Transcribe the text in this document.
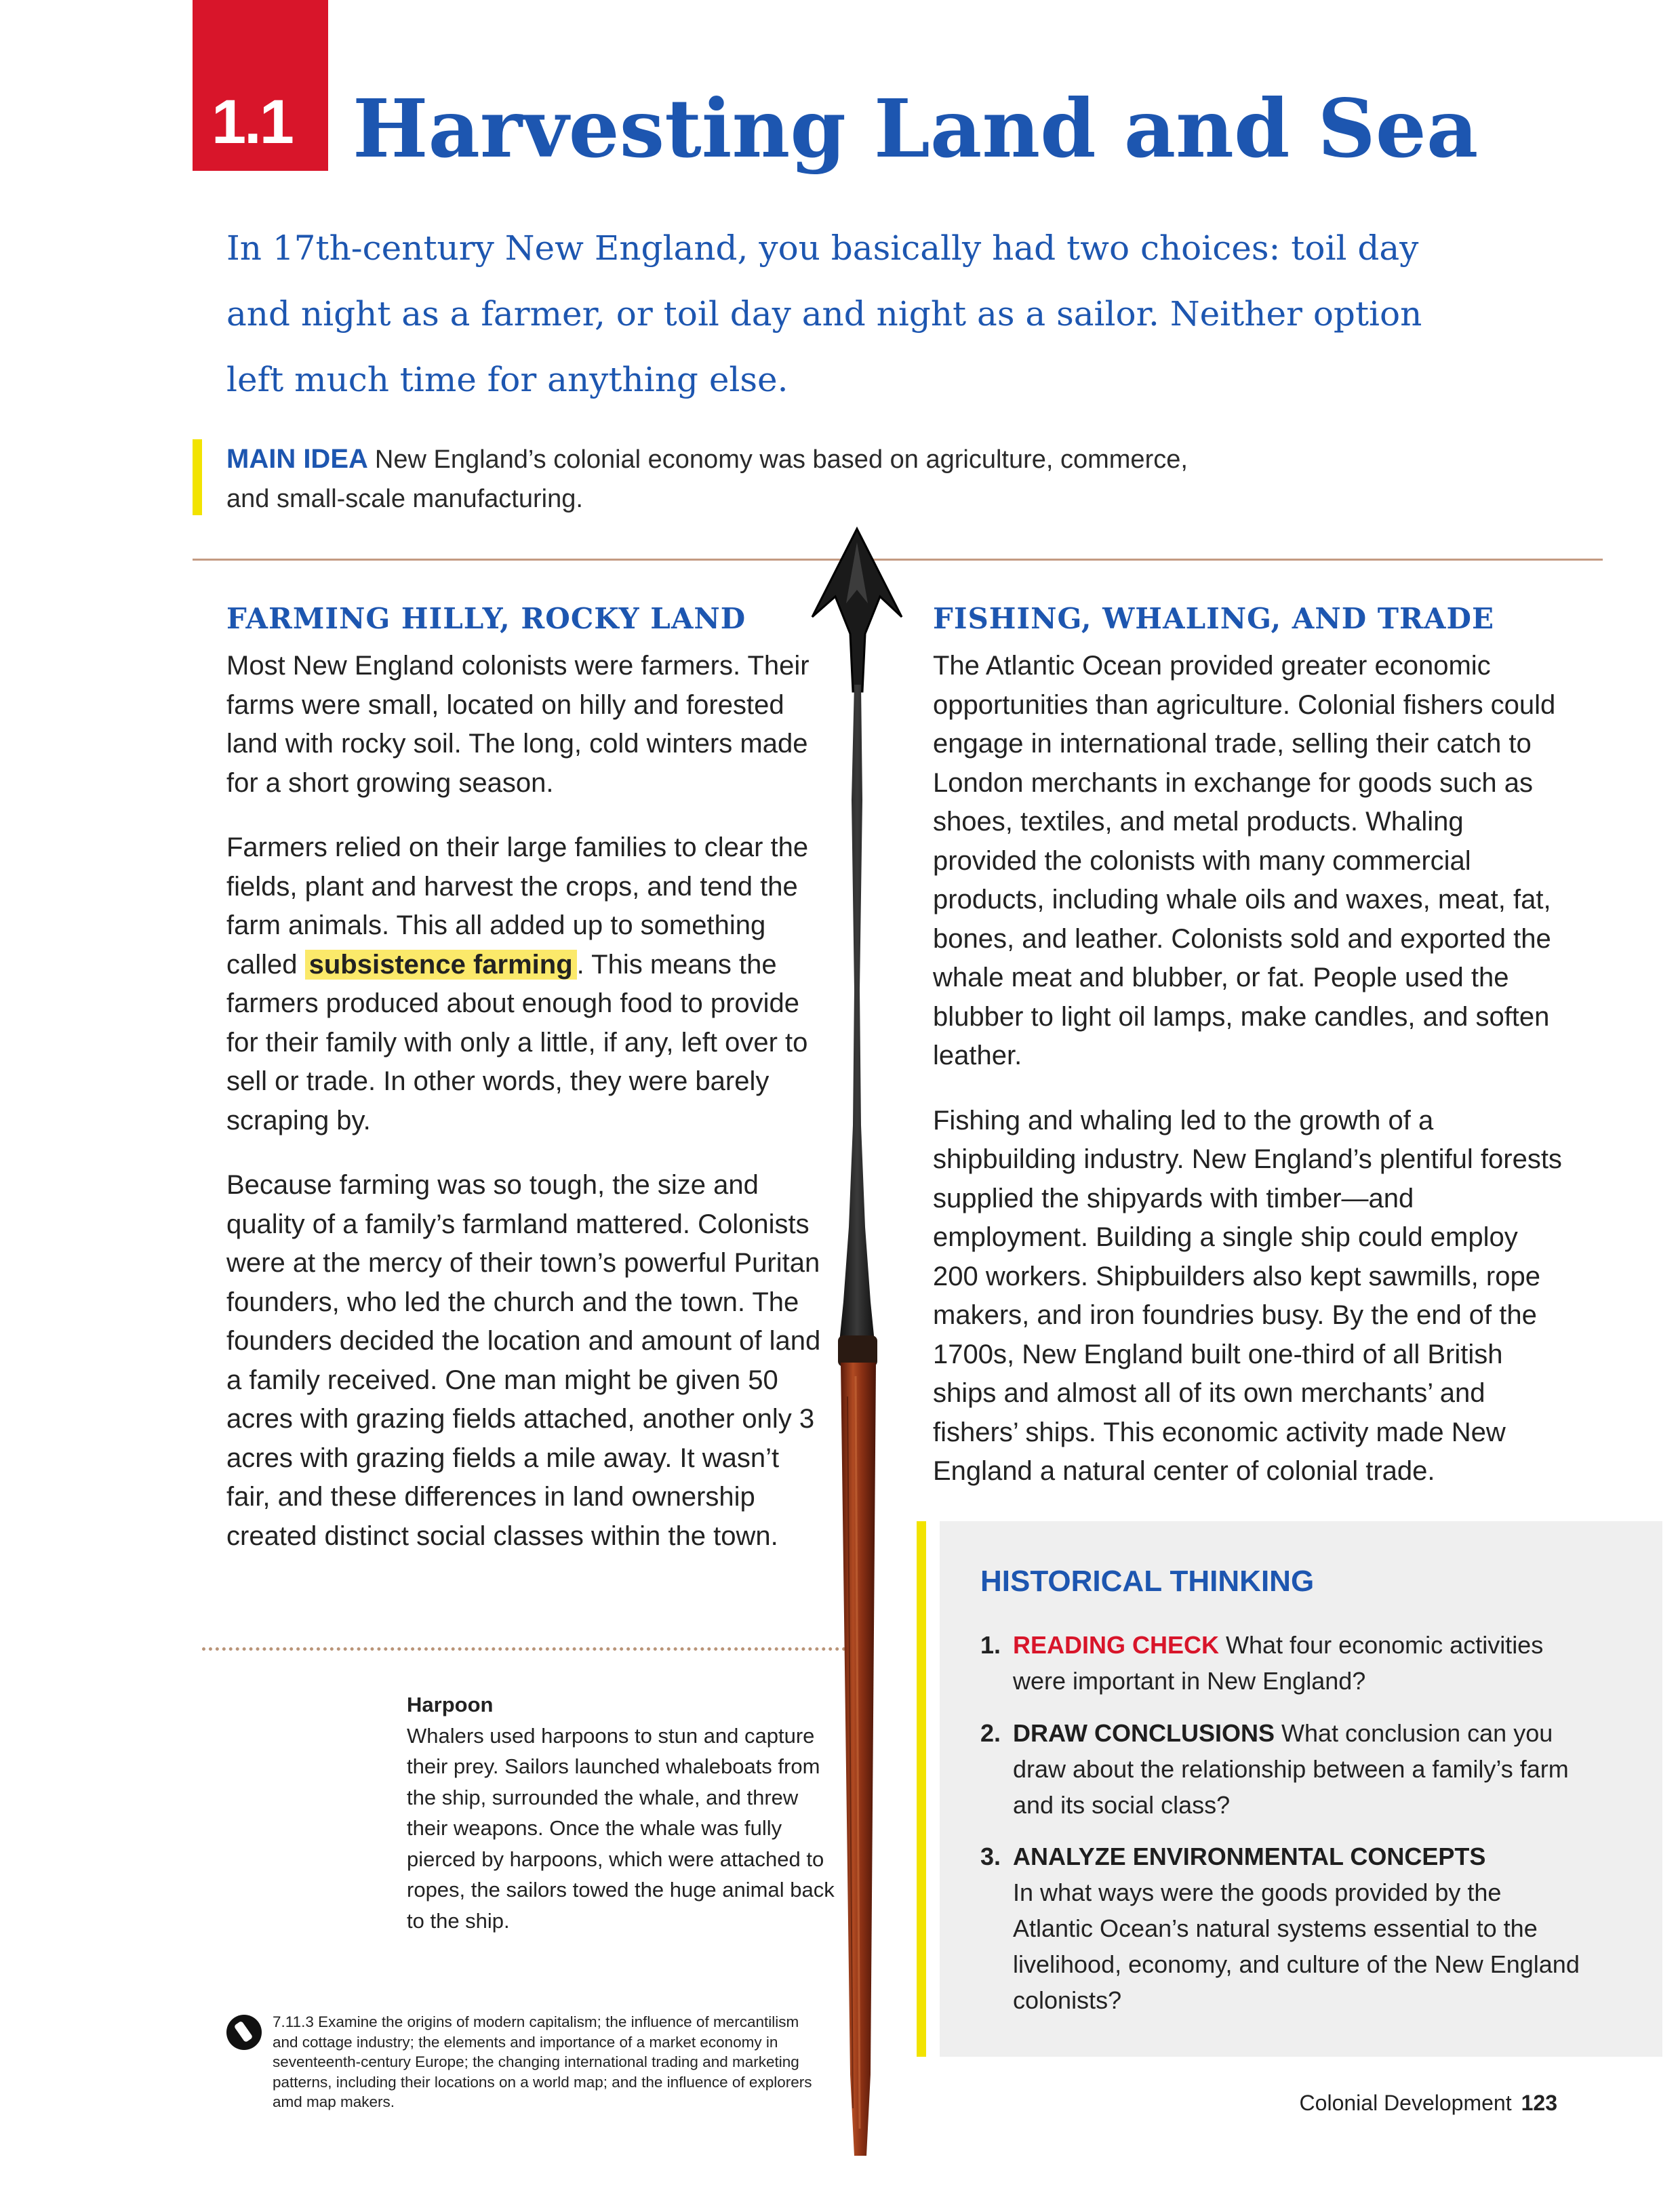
1.1 Harvesting Land and Sea
In 17th-century New England, you basically had two choices: toil day and night as a farmer, or toil day and night as a sailor. Neither option left much time for anything else.
MAIN IDEA New England’s colonial economy was based on agriculture, commerce, and small-scale manufacturing.
FARMING HILLY, ROCKY LAND

Most New England colonists were farmers. Their farms were small, located on hilly and forested land with rocky soil. The long, cold winters made for a short growing season.

Farmers relied on their large families to clear the fields, plant and harvest the crops, and tend the farm animals. This all added up to something called subsistence farming . This means the farmers produced about enough food to provide for their family with only a little, if any, left over to sell or trade. In other words, they were barely scraping by.

Because farming was so tough, the size and quality of a family’s farmland mattered. Colonists were at the mercy of their town’s powerful Puritan founders, who led the church and the town. The founders decided the location and amount of land a family received. One man might be given 50 acres with grazing fields attached, another only 3 acres with grazing fields a mile away. It wasn’t fair, and these differences in land ownership created distinct social classes within the town.

FISHING, WHALING, AND TRADE

The Atlantic Ocean provided greater economic opportunities than agriculture. Colonial fishers could engage in international trade, selling their catch to London merchants in exchange for goods such as shoes, textiles, and metal products. Whaling provided the colonists with many commercial products, including whale oils and waxes, meat, fat, bones, and leather. Colonists sold and exported the whale meat and blubber, or fat. People used the blubber to light oil lamps, make candles, and soften leather.

Fishing and whaling led to the growth of a shipbuilding industry. New England’s plentiful forests supplied the shipyards with timber—and employment. Building a single ship could employ 200 workers. Shipbuilders also kept sawmills, rope makers, and iron foundries busy. By the end of the 1700s, New England built one-third of all British ships and almost all of its own merchants’ and fishers’ ships. This economic activity made New England a natural center of colonial trade.

Harpoon
Whalers used harpoons to stun and capture their prey. Sailors launched whaleboats from the ship, surrounded the whale, and threw their weapons. Once the whale was fully pierced by harpoons, which were attached to ropes, the sailors towed the huge animal back to the ship.
7.11.3 Examine the origins of modern capitalism; the influence of mercantilism and cottage industry; the elements and importance of a market economy in seventeenth-century Europe; the changing international trading and marketing patterns, including their locations on a world map; and the influence of explorers amd map makers.
HISTORICAL THINKING
1. READING CHECK What four economic activities were important in New England?
2. DRAW CONCLUSIONS What conclusion can you draw about the relationship between a family’s farm and its social class?
3. ANALYZE ENVIRONMENTAL CONCEPTS
In what ways were the goods provided by the Atlantic Ocean’s natural systems essential to the livelihood, economy, and culture of the New England colonists?
Colonial Development 123
